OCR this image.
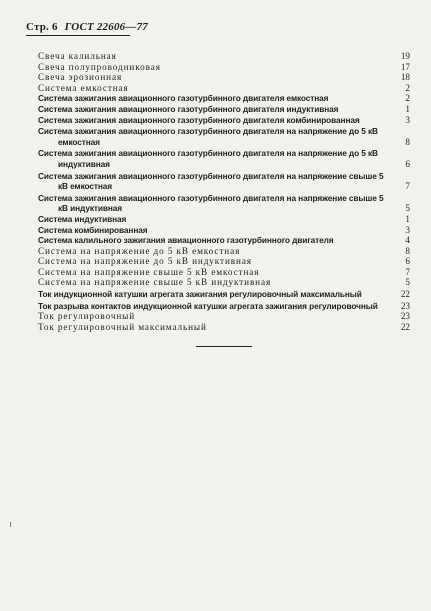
Стр. 6 ГОСТ 22606—77
Свеча калильная	19
Свеча полупроводниковая	17
Свеча эрозионная	18
Система емкостная	2
Система зажигания авиационного газотурбинного двигателя емкостная	2
Система зажигания авиационного газотурбинного двигателя индуктивная	1
Система зажигания авиационного газотурбинного двигателя комбинированная	3
Система зажигания авиационного газотурбинного двигателя на напряжение до 5 кВ емкостная	8
Система зажигания авиационного газотурбинного двигателя на напряжение до 5 кВ индуктивная	6
Система зажигания авиационного газотурбинного двигателя на напряжение свыше 5 кВ емкостная	7
Система зажигания авиационного газотурбинного двигателя на напряжение свыше 5 кВ индуктивная	5
Система индуктивная	1
Система комбинированная	3
Система калильного зажигания авиационного газотурбинного двигателя	4
Система на напряжение до 5 кВ емкостная	8
Система на напряжение до 5 кВ индуктивная	6
Система на напряжение свыше 5 кВ емкостная	7
Система на напряжение свыше 5 кВ индуктивная	5
Ток индукционной катушки агрегата зажигания регулировочный максимальный	22
Ток разрыва контактов индукционной катушки агрегата зажигания регулировочный	23
Ток регулировочный	23
Ток регулировочный максимальный	22
